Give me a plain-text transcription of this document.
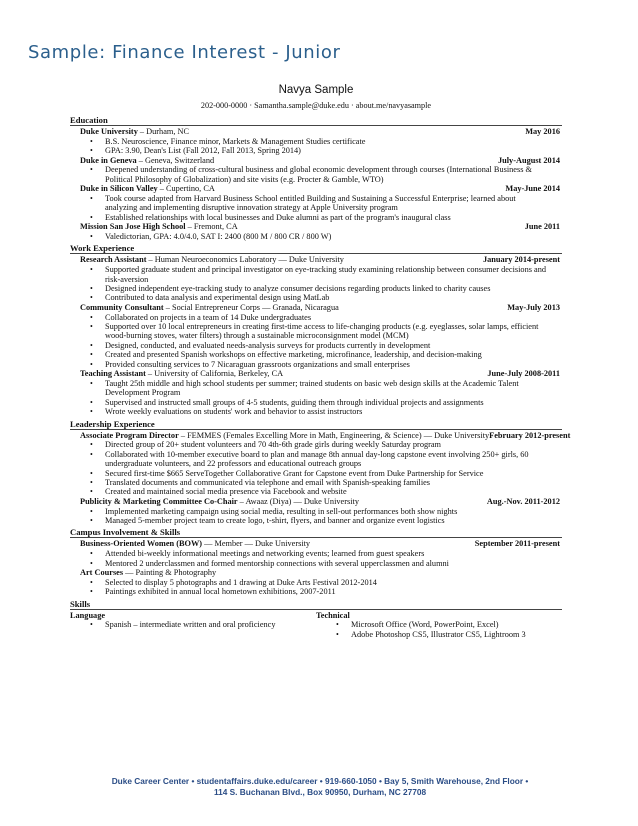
Sample: Finance Interest - Junior
Navya Sample
202-000-0000 · Samantha.sample@duke.edu · about.me/navyasample
Education
Duke University – Durham, NC	May 2016
• B.S. Neuroscience, Finance minor, Markets & Management Studies certificate
• GPA: 3.90, Dean's List (Fall 2012, Fall 2013, Spring 2014)
Duke in Geneva – Geneva, Switzerland	July-August 2014
• Deepened understanding of cross-cultural business and global economic development through courses (International Business & Political Philosophy of Globalization) and site visits (e.g. Procter & Gamble, WTO)
Duke in Silicon Valley – Cupertino, CA	May-June 2014
• Took course adapted from Harvard Business School entitled Building and Sustaining a Successful Enterprise; learned about analyzing and implementing disruptive innovation strategy at Apple University program
• Established relationships with local businesses and Duke alumni as part of the program's inaugural class
Mission San Jose High School – Fremont, CA	June 2011
• Valedictorian, GPA: 4.0/4.0, SAT I: 2400 (800 M / 800 CR / 800 W)
Work Experience
Research Assistant – Human Neuroeconomics Laboratory — Duke University	January 2014-present
• Supported graduate student and principal investigator on eye-tracking study examining relationship between consumer decisions and risk-aversion
• Designed independent eye-tracking study to analyze consumer decisions regarding products linked to charity causes
• Contributed to data analysis and experimental design using MatLab
Community Consultant – Social Entrepreneur Corps — Granada, Nicaragua	May-July 2013
• Collaborated on projects in a team of 14 Duke undergraduates
• Supported over 10 local entrepreneurs in creating first-time access to life-changing products (e.g. eyeglasses, solar lamps, efficient wood-burning stoves, water filters) through a sustainable microconsignment model (MCM)
• Designed, conducted, and evaluated needs-analysis surveys for products currently in development
• Created and presented Spanish workshops on effective marketing, microfinance, leadership, and decision-making
• Provided consulting services to 7 Nicaraguan grassroots organizations and small enterprises
Teaching Assistant – University of California, Berkeley, CA	June-July 2008-2011
• Taught 25th middle and high school students per summer; trained students on basic web design skills at the Academic Talent Development Program
• Supervised and instructed small groups of 4-5 students, guiding them through individual projects and assignments
• Wrote weekly evaluations on students' work and behavior to assist instructors
Leadership Experience
Associate Program Director – FEMMES (Females Excelling More in Math, Engineering, & Science) — Duke University February 2012-present
• Directed group of 20+ student volunteers and 70 4th-6th grade girls during weekly Saturday program
• Collaborated with 10-member executive board to plan and manage 8th annual day-long capstone event involving 250+ girls, 60 undergraduate volunteers, and 22 professors and educational outreach groups
• Secured first-time $665 ServeTogether Collaborative Grant for Capstone event from Duke Partnership for Service
• Translated documents and communicated via telephone and email with Spanish-speaking families
• Created and maintained social media presence via Facebook and website
Publicity & Marketing Committee Co-Chair – Awaaz (Diya) — Duke University	Aug.-Nov. 2011-2012
• Implemented marketing campaign using social media, resulting in sell-out performances both show nights
• Managed 5-member project team to create logo, t-shirt, flyers, and banner and organize event logistics
Campus Involvement & Skills
Business-Oriented Women (BOW) — Member — Duke University	September 2011-present
• Attended bi-weekly informational meetings and networking events; learned from guest speakers
• Mentored 2 underclassmen and formed mentorship connections with several upperclassmen and alumni
Art Courses — Painting & Photography
• Selected to display 5 photographs and 1 drawing at Duke Arts Festival 2012-2014
• Paintings exhibited in annual local hometown exhibitions, 2007-2011
Skills
Language
• Spanish – intermediate written and oral proficiency
Technical
• Microsoft Office (Word, PowerPoint, Excel)
• Adobe Photoshop CS5, Illustrator CS5, Lightroom 3
Duke Career Center • studentaffairs.duke.edu/career • 919-660-1050 • Bay 5, Smith Warehouse, 2nd Floor •
114 S. Buchanan Blvd., Box 90950, Durham, NC 27708
